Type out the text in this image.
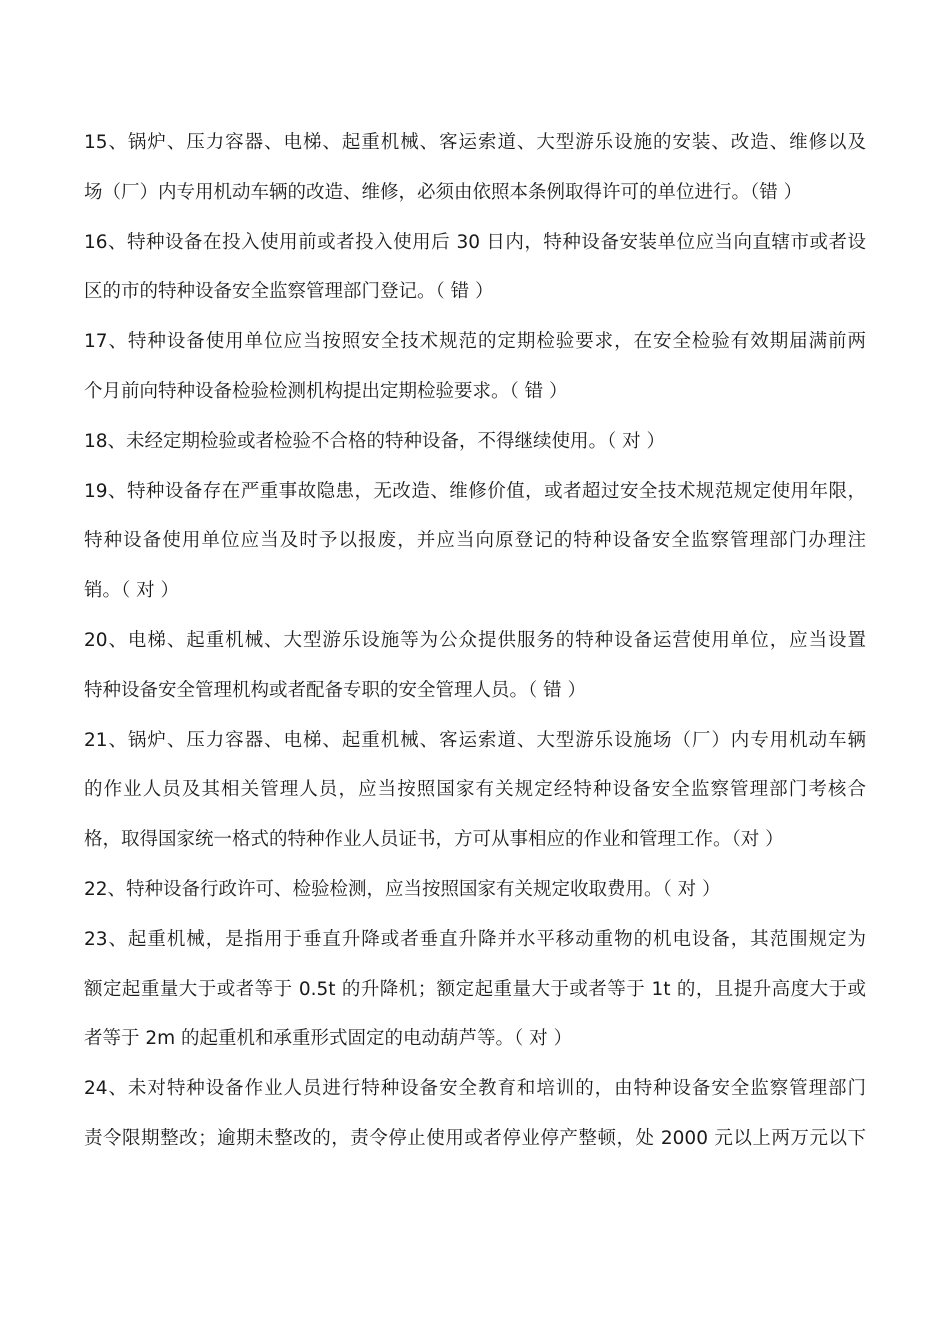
15、锅炉、压力容器、电梯、起重机械、客运索道、大型游乐设施的安装、改造、维修以及
场（厂）内专用机动车辆的改造、维修，必须由依照本条例取得许可的单位进行。（错 ）
16、特种设备在投入使用前或者投入使用后 30 日内，特种设备安装单位应当向直辖市或者设
区的市的特种设备安全监察管理部门登记。（ 错 ）
17、特种设备使用单位应当按照安全技术规范的定期检验要求，在安全检验有效期届满前两
个月前向特种设备检验检测机构提出定期检验要求。（ 错 ）
18、未经定期检验或者检验不合格的特种设备，不得继续使用。（ 对 ）
19、特种设备存在严重事故隐患，无改造、维修价值，或者超过安全技术规范规定使用年限，
特种设备使用单位应当及时予以报废，并应当向原登记的特种设备安全监察管理部门办理注
销。（ 对 ）
20、电梯、起重机械、大型游乐设施等为公众提供服务的特种设备运营使用单位，应当设置
特种设备安全管理机构或者配备专职的安全管理人员。（ 错 ）
21、锅炉、压力容器、电梯、起重机械、客运索道、大型游乐设施场（厂）内专用机动车辆
的作业人员及其相关管理人员，应当按照国家有关规定经特种设备安全监察管理部门考核合
格，取得国家统一格式的特种作业人员证书，方可从事相应的作业和管理工作。（对 ）
22、特种设备行政许可、检验检测，应当按照国家有关规定收取费用。（ 对 ）
23、起重机械，是指用于垂直升降或者垂直升降并水平移动重物的机电设备，其范围规定为
额定起重量大于或者等于 0.5t 的升降机；额定起重量大于或者等于 1t 的，且提升高度大于或
者等于 2m 的起重机和承重形式固定的电动葫芦等。（ 对 ）
24、未对特种设备作业人员进行特种设备安全教育和培训的，由特种设备安全监察管理部门
责令限期整改；逾期未整改的，责令停止使用或者停业停产整顿，处 2000 元以上两万元以下
